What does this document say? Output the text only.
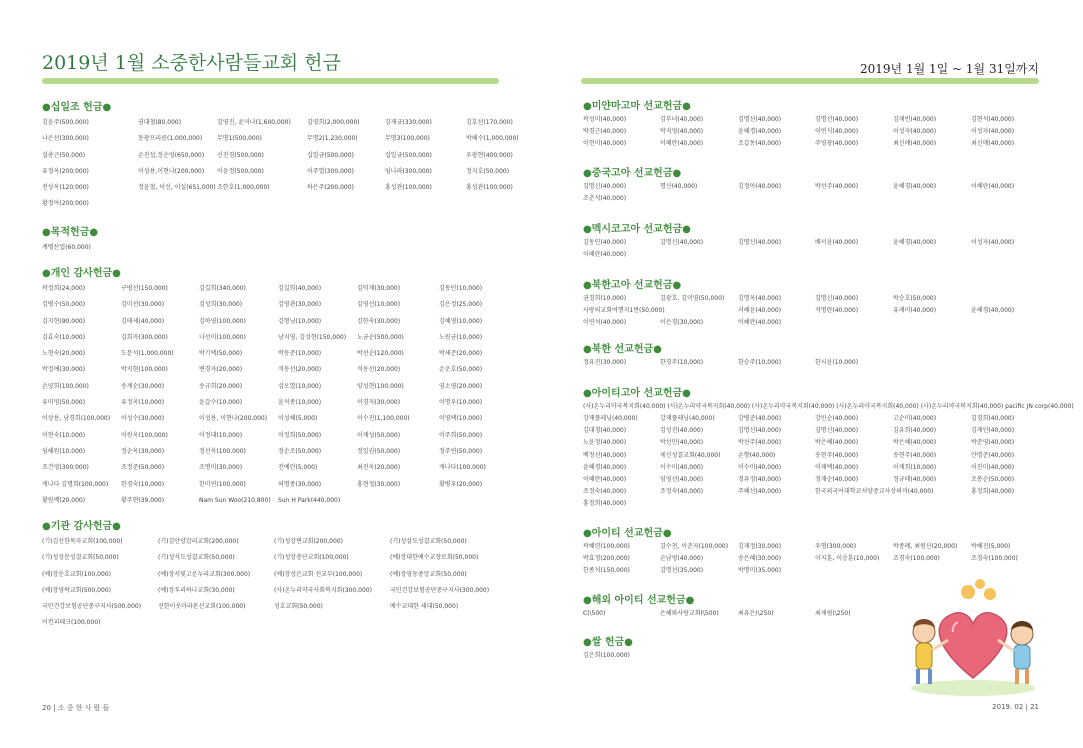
2019년 1월 소중한사람들교회 헌금
●십일조 헌금●
김윤주(500,000)	권대철(80,000)	김영진, 윤미나(1,600,000)	김영희(2,000,000)	김재금(330,000)	김호선(170,000)
나은선(300,000)	동광프리콤(1,000,000)	무명1(500,000)	무명2(1,230,000)	무명3(100,000)	박혜수(1,000,000)
설총근(50,000)	손진섭,정순영(650,000)	신진경(500,000)	십일금(500,000)	십일금(500,000)	우광현(400,000)
유정옥(200,000)	이성용,이현나(200,000)	이윤정(500,000)	이주열(300,000)	임나라(300,000)	정지호(50,000)
전상옥(120,000)	정윤철, 이신, 이실(651,000) 조한호(1,000,000)	하은주(200,000)	홍성관(100,000)	홍성관(100,000)
황정아(200,000)
●목적헌금●
계명산업(60,000)
●개인 감사헌금●
곽정희(24,000)	구병선(150,000)	김길희(340,000)	김길희(40,000)	김덕재(30,000)	김동민(10,000)
김병수(50,000)	김미선(30,000)	김성희(30,000)	김영관(30,000)	김영선(10,000)	김은정(25,000)
김지현(90,000)	김태세(40,000)	김하영(100,000)	김형님(10,000)	김한숙(30,000)	김혜영(10,000)
김효숙(10,000)	김희자(300,000)	나선미(100,000)	남지영, 김성현(150,000)	노금순(500,000)	노원균(10,000)
노현숙(20,000)	도문석(1,000,000)	박기택(50,000)	박동준(10,000)	박선순(120,000)	박세준(20,000)
박정애(30,000)	박지현(100,000)	변경자(20,000)	석동선(20,000)	석동선(20,000)	손운호(50,000)
손양희(100,000)	송계순(30,000)	송규희(20,000)	심오열(10,000)	양성현(100,000)	염소영(20,000)
유미영(50,000)	유정옥(10,000)	윤갑수(10,000)	윤석종(10,000)	이경자(30,000)	이명우(10,000)
이상용, 남경희(100,000)	이성수(30,000)	이성용, 이현나(200,000)	이성혜(5,000)	이수진(1,100,000)	이영택(10,000)
이현숙(10,000)	이원옥(100,000)	이정대(10,000)	이정희(50,000)	이재성(50,000)	이주희(50,000)
임혜원(10,000)	정순옥(30,000)	정선옥(100,000)	정순조(50,000)	정일권(50,000)	정주연(50,000)
조건영(300,000)	조정준(50,000)	조명미(30,000)	진예린(5,000)	최진옥(20,000)	캐나다(100,000)
캐나다 김명희(100,000)	한경숙(10,000)	한미연(100,000)	허명종(30,000)	홍현정(30,000)	황병우(20,000)
황원백(20,000)	황주현(39,000)	Nam Sun Woo(210,800)	Sun H Park(440,000)
●기관 감사헌금●
(기)김선한목자교회(100,000)	(기)김안양감리교회(200,000)	(기)성감변교회(200,000)	(기)성삼도성결교회(50,000)
(기)성성문성결교회(50,000)	(기)성석도성결교회(50,000)	(기)성장충단교회(100,000)	(예)장대한예수교장로회(50,000)
(예)장운호교회(100,000)	(예)장서빛고운누리교회(300,000)	(예)장성은교회 선교부(100,000)	(예)장영동중앙교회(50,000)
(예)장영락교회(500,000)	(예)장우리하나교회(30,000)	(사)온누리약국사회복지회(300,000)	국민건강보험공단중구지사(300,000)
국민건강보험공단중구지사(500,000)	선한이웃마라톤선교회(100,000)	성호교회(50,000)	예수교대한 세대(50,000)
이컨피테크(100,000)
20 | 소 중 한 사 람 들
2019년 1월 1일 ~ 1월 31일까지
●미얀마고마 선교헌금●
곽성미(40,000)	김부녀(40,000)	김명선(40,000)	김명선(40,000)	김재빈(40,000)	김현석(40,000)
박경근(40,000)	박지영(40,000)	윤혜경(40,000)	이연식(40,000)	이성자(40,000)	이성자(40,000)
이현미(40,000)	이혜란(40,000)	조갑동(40,000)	주영광(40,000)	최신애(40,000)	최신애(40,000)
●중국고아 선교헌금●
김명신(40,000)	명신(40,000)	김정아(40,000)	박선주(40,000)	윤혜경(40,000)	이혜란(40,000)
조춘석(40,000)
●멕시코고아 선교헌금●
김동민(40,000)	김명신(40,000)	김명신(40,000)	배서윤(40,000)	윤혜경(40,000)	이성자(40,000)
이혜란(40,000)
●북한고아 선교헌금●
권경희(10,000)	김광호, 김미영(50,000)	김명옥(40,000)	김명신(40,000)	박승호(50,000)
사랑의교회여행지1번(50,000)	서혜윤(40,000)	석명란(40,000)	유재미(40,000)	윤혜경(40,000)
이연석(40,000)	이은경(30,000)	이혜란(40,000)
●북한 선교헌금●
정유진(30,000)	한경주(10,000)	한승주(10,000)	한시윤(10,000)
●아이티고아 선교헌금●
(사)온누리약국복지회(40,000) (사)온누리약국복지회(40,000) (사)온누리약국복지회(40,000) (사)온누리약국복지회(40,000) (사)온누리약국복지회(40,000) pacific JN corp(40,000)
강재플레닝(40,000)	강재플레닝(40,000)	강병준(40,000)	강인순(40,000)	고순미(40,000)	김경희(40,000)
김대경(40,000)	김성진(40,000)	김명신(40,000)	김명신(40,000)	김유희(40,000)	김재인(40,000)
노윤정(40,000)	박선민(40,000)	박선주(40,000)	박은혜(40,000)	박은혜(40,000)	박준영(40,000)
백정선(40,000)	세신성결교회(40,000)	손향(40,000)	송현주(40,000)	송현주(40,000)	안명준(40,000)
윤혜경(40,000)	이수미(40,000)	이수미(40,000)	이재택(40,000)	이재희(10,000)	이진미(40,000)
이혜란(40,000)	임영선(40,000)	정유정(40,000)	정재순(40,000)	정규태(40,000)	조봉순(50,000)
조정숙(40,000)	조정숙(40,000)	주혜선(40,000)	한국외국어대학교서양중교사상의미(40,000)	홍정희(40,000)
홍정희(40,000)
●아이티 선교헌금●
곽혜련(100,000)	김수천, 이준자(100,000)	김재정(30,000)	우명(300,000)	박종례, 최원신(20,000)	박혜진(5,000)
박효정(200,000)	손남영(40,000)	송은혜(30,000)	이지훈, 이승훈(10,000)	조경숙(100,000)	조경숙(100,000)
한종석(150,000)	김명선(35,000)	박명미(35,000)
●해외 아이티 선교헌금●
C(\500)	은혜와사랑교회(\500)	최유은(\250)	최재림(\250)
●쌀 헌금●
김은희(100,000)
2019. 02 | 21
